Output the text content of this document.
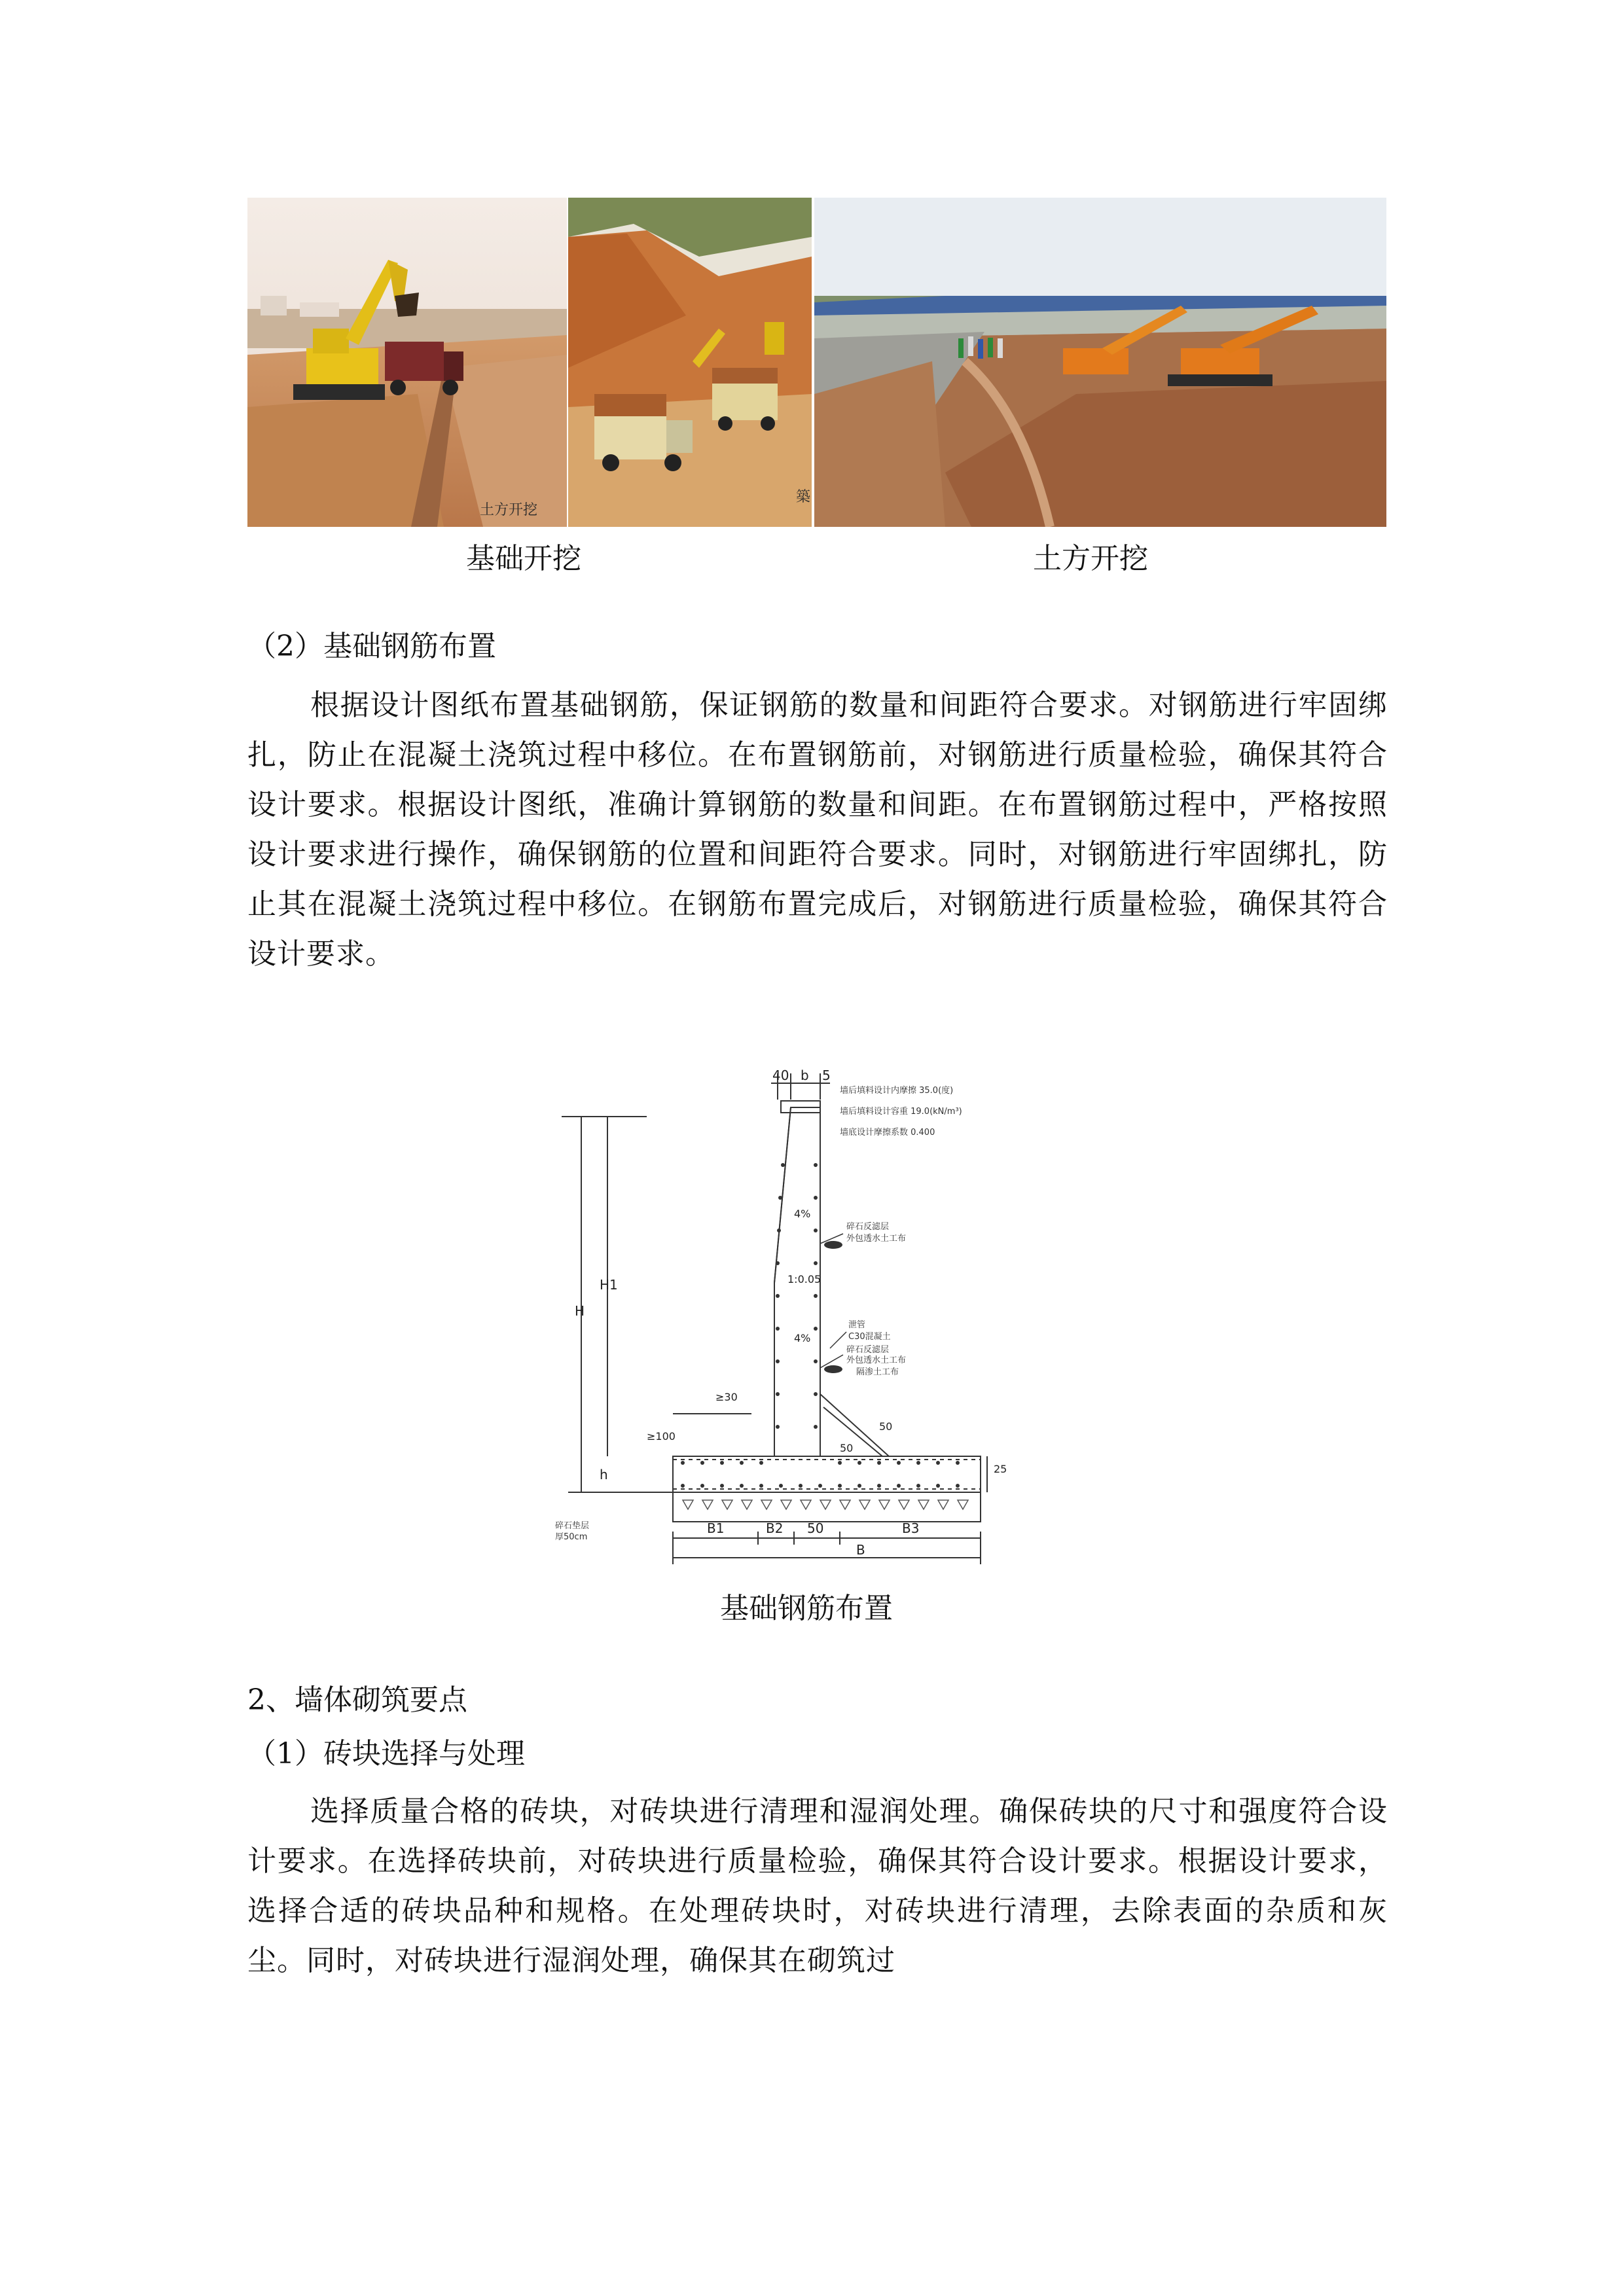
土方开挖
築
基础开挖	土方开挖
（2）基础钢筋布置

根据设计图纸布置基础钢筋，保证钢筋的数量和间距符合要求。对钢筋进行牢固绑扎，防止在混凝土浇筑过程中移位。在布置钢筋前，对钢筋进行质量检验，确保其符合设计要求。根据设计图纸，准确计算钢筋的数量和间距。在布置钢筋过程中，严格按照设计要求进行操作，确保钢筋的位置和间距符合要求。同时，对钢筋进行牢固绑扎，防止其在混凝土浇筑过程中移位。在钢筋布置完成后，对钢筋进行质量检验，确保其符合设计要求。

墙后填料设计内摩擦 35.0(度)
墙后填料设计容重 19.0(kN/m³)
墙底设计摩擦系数 0.400
碎石反滤层
外包透水土工布
泄管
C30混凝土
碎石反滤层
外包透水土工布
隔渗土工布
碎石垫层
厚50cm
40 b 5
H
H1
h
1:0.05
4%
4%
≥30
≥100
50
50
25
B1	B2 50	B3
B
基础钢筋布置
2、墙体砌筑要点
（1）砖块选择与处理

选择质量合格的砖块，对砖块进行清理和湿润处理。确保砖块的尺寸和强度符合设计要求。在选择砖块前，对砖块进行质量检验，确保其符合设计要求。根据设计要求，选择合适的砖块品种和规格。在处理砖块时，对砖块进行清理，去除表面的杂质和灰尘。同时，对砖块进行湿润处理，确保其在砌筑过
